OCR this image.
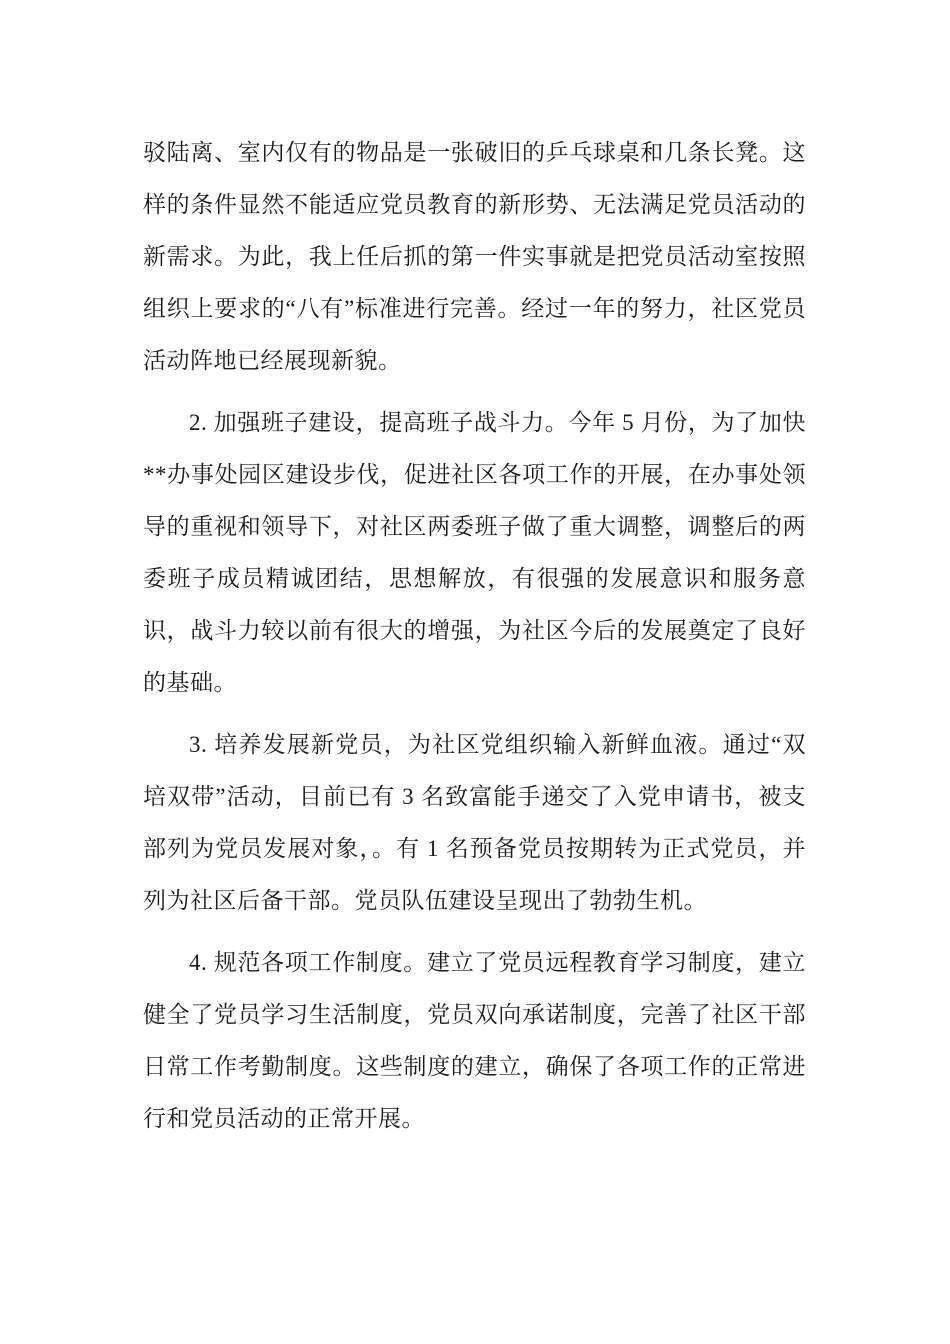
驳陆离、室内仅有的物品是一张破旧的乒乓球桌和几条长凳。这样的条件显然不能适应党员教育的新形势、无法满足党员活动的新需求。为此，我上任后抓的第一件实事就是把党员活动室按照组织上要求的“八有”标准进行完善。经过一年的努力，社区党员活动阵地已经展现新貌。

2. 加强班子建设，提高班子战斗力。今年 5 月份，为了加快**办事处园区建设步伐，促进社区各项工作的开展，在办事处领导的重视和领导下，对社区两委班子做了重大调整，调整后的两委班子成员精诚团结，思想解放，有很强的发展意识和服务意识，战斗力较以前有很大的增强，为社区今后的发展奠定了良好的基础。

3. 培养发展新党员，为社区党组织输入新鲜血液。通过“双培双带”活动，目前已有 3 名致富能手递交了入党申请书，被支部列为党员发展对象，。有 1 名预备党员按期转为正式党员，并列为社区后备干部。党员队伍建设呈现出了勃勃生机。

4. 规范各项工作制度。建立了党员远程教育学习制度，建立健全了党员学习生活制度，党员双向承诺制度，完善了社区干部日常工作考勤制度。这些制度的建立，确保了各项工作的正常进行和党员活动的正常开展。
